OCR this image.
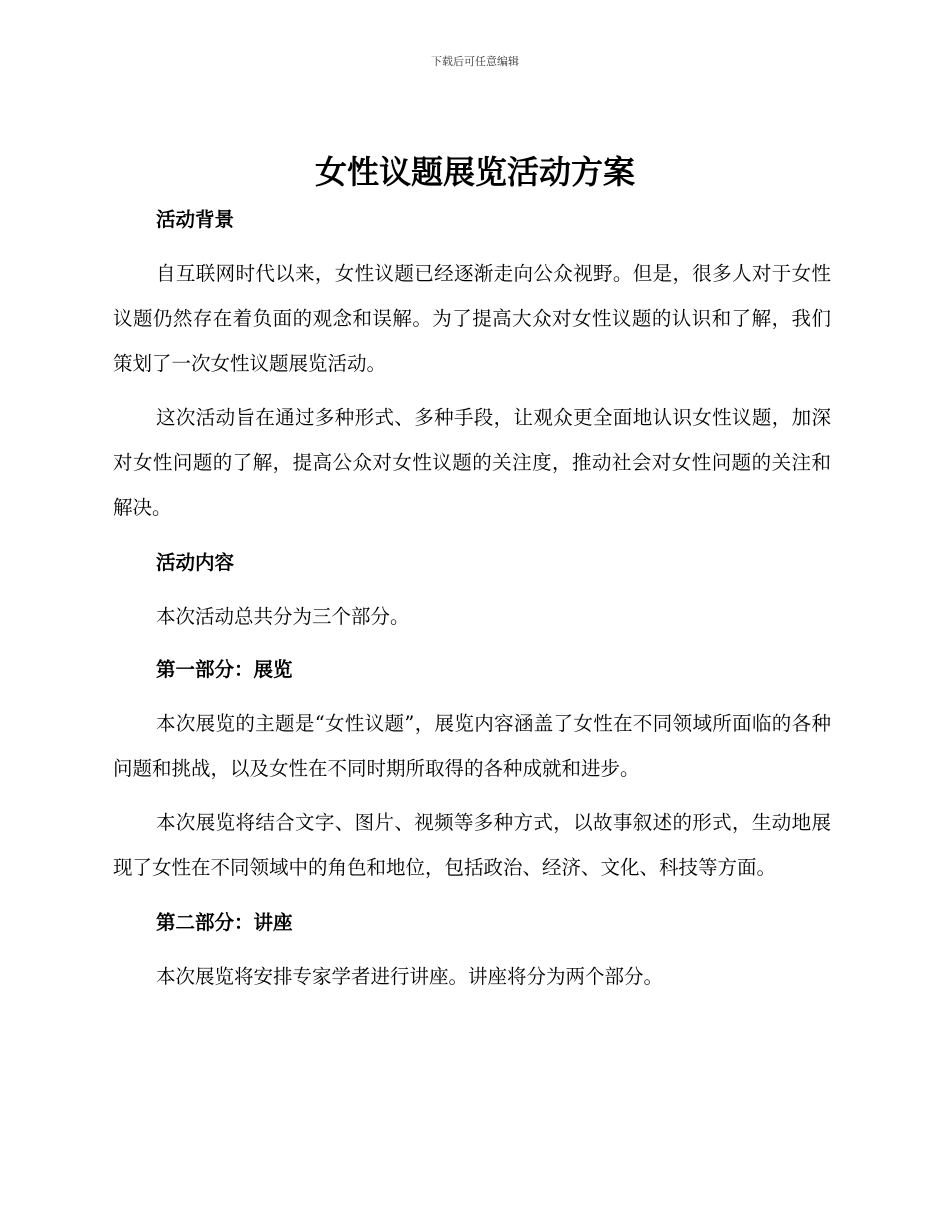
下载后可任意编辑
女性议题展览活动方案
活动背景

自互联网时代以来，女性议题已经逐渐走向公众视野。但是，很多人对于女性议题仍然存在着负面的观念和误解。为了提高大众对女性议题的认识和了解，我们策划了一次女性议题展览活动。

这次活动旨在通过多种形式、多种手段，让观众更全面地认识女性议题，加深对女性问题的了解，提高公众对女性议题的关注度，推动社会对女性问题的关注和解决。

活动内容

本次活动总共分为三个部分。

第一部分：展览

本次展览的主题是“女性议题”，展览内容涵盖了女性在不同领域所面临的各种问题和挑战，以及女性在不同时期所取得的各种成就和进步。

本次展览将结合文字、图片、视频等多种方式，以故事叙述的形式，生动地展现了女性在不同领域中的角色和地位，包括政治、经济、文化、科技等方面。

第二部分：讲座

本次展览将安排专家学者进行讲座。讲座将分为两个部分。
